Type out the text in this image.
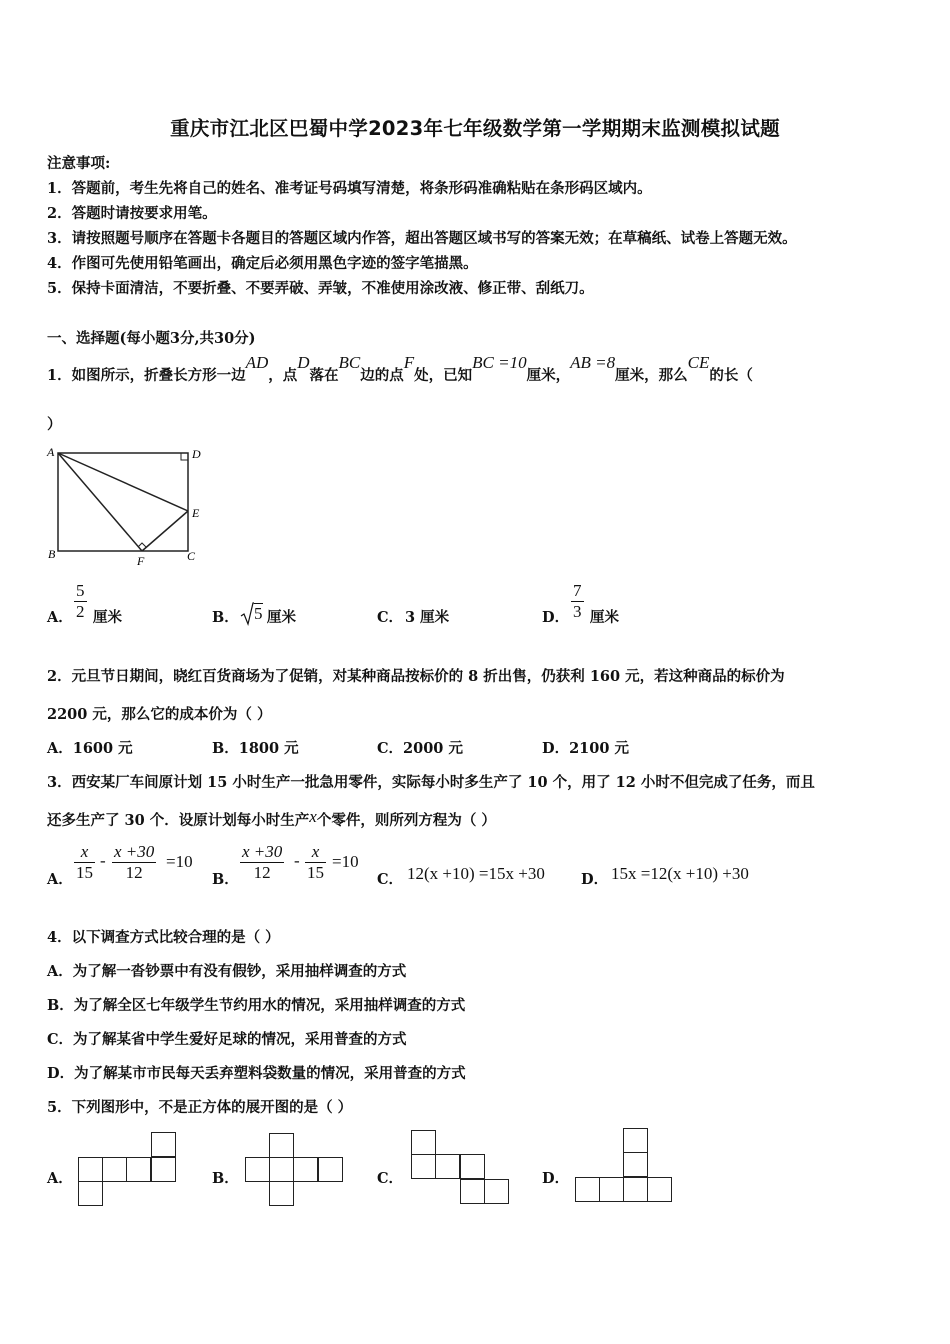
重庆市江北区巴蜀中学2023年七年级数学第一学期期末监测模拟试题
注意事项:
1．答题前，考生先将自己的姓名、准考证号码填写清楚，将条形码准确粘贴在条形码区域内。
2．答题时请按要求用笔。
3．请按照题号顺序在答题卡各题目的答题区域内作答，超出答题区域书写的答案无效；在草稿纸、试卷上答题无效。
4．作图可先使用铅笔画出，确定后必须用黑色字迹的签字笔描黑。
5．保持卡面清洁，不要折叠、不要弄破、弄皱，不准使用涂改液、修正带、刮纸刀。
一、选择题(每小题3分,共30分)
1．如图所示，折叠长方形一边AD，点D落在BC边的点F处，已知BC =10厘米，AB =8厘米，那么CE的长（
）
A	D
E
B	C
F
A． $\frac{5}{2}$ 厘米	B． 5 厘米	C． 3 厘米	D． $\frac{7}{3}$ 厘米
2．元旦节日期间，晓红百货商场为了促销，对某种商品按标价的 8 折出售，仍获利 160 元，若这种商品的标价为
2200 元，那么它的成本价为（ ）
A．1600 元	B．1800 元	C．2000 元	D．2100 元
3．西安某厂车间原计划 15 小时生产一批急用零件，实际每小时多生产了 10 个，用了 12 小时不但完成了任务，而且
还多生产了 30 个．设原计划每小时生产x个零件，则所列方程为（ ）
A． $\frac{x}{15} - \frac{x +30}{12} =10$
B． $\frac{x +30}{12} - \frac{x}{15} =10$
C． 12(x +10) =15x +30 D． 15x =12(x +10) +30
4．以下调查方式比较合理的是（ ）
A．为了解一沓钞票中有没有假钞，采用抽样调查的方式
B．为了解全区七年级学生节约用水的情况，采用抽样调查的方式
C．为了解某省中学生爱好足球的情况，采用普查的方式
D．为了解某市市民每天丢弃塑料袋数量的情况，采用普查的方式
5．下列图形中，不是正方体的展开图的是（ ）
A．	B．	C．	D．
